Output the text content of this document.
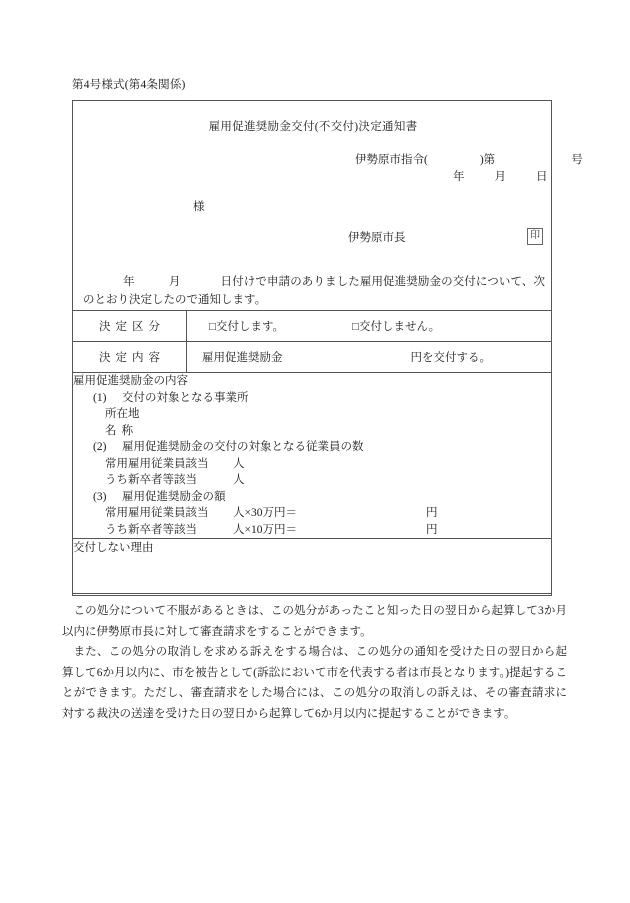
第4号様式(第4条関係)
雇用促進奨励金交付(不交付)決定通知書
伊勢原市指令(	)第	号
年	月	日
様
伊勢原市長	印
年	月	日付けで申請のありました雇用促進奨励金の交付について、次のとおり決定したので通知します。
決定区分	□交付します。 □交付しません。

決定内容	雇用促進奨励金 円を交付する。

雇用促進奨励金の内容
(1) 交付の対象となる事業所
所在地
名称
(2) 雇用促進奨励金の交付の対象となる従業員の数
常用雇用従業員該当 人
うち新卒者等該当	人
(3) 雇用促進奨励金の額
常用雇用従業員該当 人×30万円＝	円
うち新卒者等該当	人×10万円＝	円

交付しない理由	

この処分について不服があるときは、この処分があったこと知った日の翌日から起算して3か月以内に伊勢原市長に対して審査請求をすることができます。

また、この処分の取消しを求める訴えをする場合は、この処分の通知を受けた日の翌日から起算して6か月以内に、市を被告として(訴訟において市を代表する者は市長となります。)提起することができます。ただし、審査請求をした場合には、この処分の取消しの訴えは、その審査請求に対する裁決の送達を受けた日の翌日から起算して6か月以内に提起することができます。
